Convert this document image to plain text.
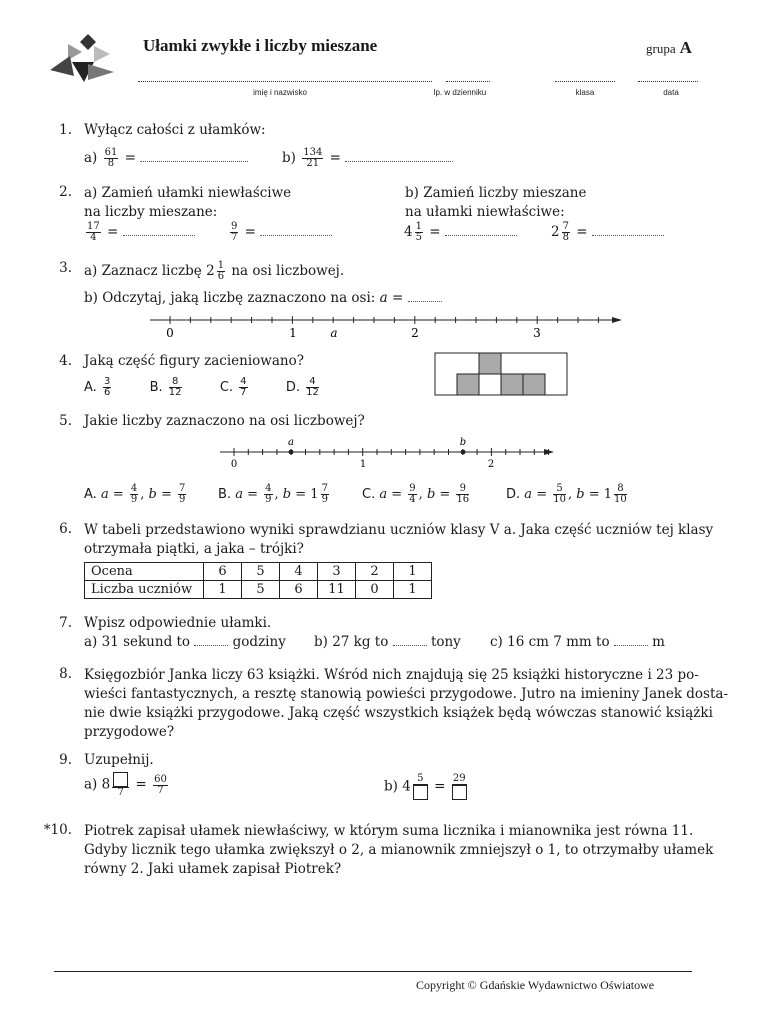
Ułamki zwykłe i liczby mieszane	grupa A
imię i nazwisko	lp. w dzienniku	klasa	data
1. Wyłącz całości z ułamków:
$a) \frac{61}{8}$ =	$b) \frac{134}{21}$ =
2. a) Zamień ułamki niewłaściwe
na liczby mieszane:
b) Zamień liczby mieszane
na ułamki niewłaściwe:
$\frac{17}{4}$ =	$\frac{9}{7}$ =	$4 \frac{1}{5}$ =	$2 \frac{7}{8}$ =
3. a) Zaznacz liczbę $2 \frac{1}{6}$ na osi liczbowej.
b) Odczytaj, jaką liczbę zaznaczono na osi: a =
0	1	2	3
a
4. Jaką część figury zacieniowano?
A. $\frac{3}{6}$	B. $\frac{8}{12}$	C. $\frac{4}{7}$	D. $\frac{4}{12}$
5. Jakie liczby zaznaczono na osi liczbowej?
a	b
0	1	2
A. $a = \frac{4}{9}$ , $b = \frac{7}{9} B$. $a = \frac{4}{9}$ , $b = 1 \frac{7}{9}$	C. $a = \frac{9}{4}$ , $b = \frac{9}{16}$	D. $a = \frac{5}{10}$ , $b = 1 \frac{8}{10}$
6. W tabeli przedstawiono wyniki sprawdzianu uczniów klasy V a. Jaka część uczniów tej klasy
otrzymała piątki, a jaka – trójki?
Ocena	6	5	4	3	2	1
Liczba uczniów	1	5	6	11	0	1
7. Wpisz odpowiednie ułamki.
a) 31 sekund to	godziny b) 27 kg to	tony c) 16 cm 7 mm to	m
8. Księgozbiór Janka liczy 63 książki. Wśród nich znajdują się 25 książki historyczne i 23 po-
wieści fantastycznych, a resztę stanowią powieści przygodowe. Jutro na imieniny Janek dosta-
nie dwie książki przygodowe. Jaką część wszystkich książek będą wówczas stanowić książki
przygodowe?
9. Uzupełnij.
a) 8 $7 = \frac{60}{7}$	b) 4 5 = 29
*10. Piotrek zapisał ułamek niewłaściwy, w którym suma licznika i mianownika jest równa 11.
Gdyby licznik tego ułamka zwiększył o 2, a mianownik zmniejszył o 1, to otrzymałby ułamek
równy 2. Jaki ułamek zapisał Piotrek?
Copyright © Gdańskie Wydawnictwo Oświatowe
